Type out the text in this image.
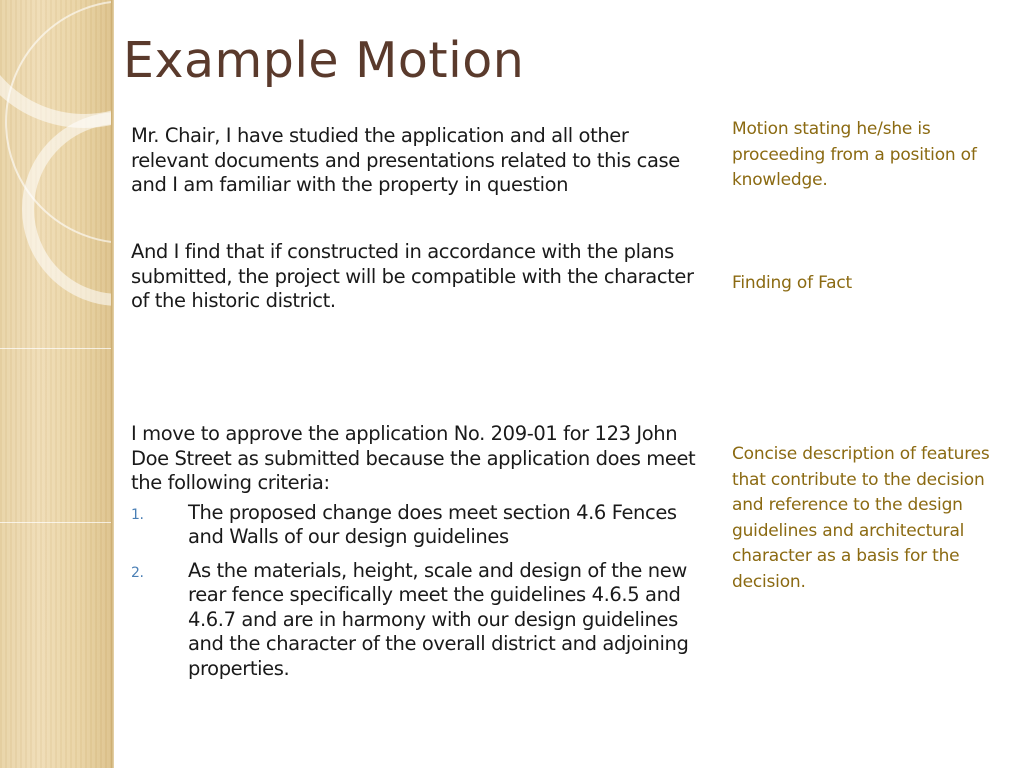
Example Motion

Mr. Chair, I have studied the application and all other relevant documents and presentations related to this case and I am familiar with the property in question

And I find that if constructed in accordance with the plans submitted, the project will be compatible with the character of the historic district.

I move to approve the application No. 209-01 for 123 John Doe Street as submitted because the application does meet the following criteria:

1. The proposed change does meet section 4.6 Fences and Walls of our design guidelines
2. As the materials, height, scale and design of the new rear fence specifically meet the guidelines 4.6.5 and 4.6.7 and are in harmony with our design guidelines and the character of the overall district and adjoining properties.

Motion stating he/she is proceeding from a position of knowledge.

Finding of Fact

Concise description of features that contribute to the decision and reference to the design guidelines and architectural character as a basis for the decision.
